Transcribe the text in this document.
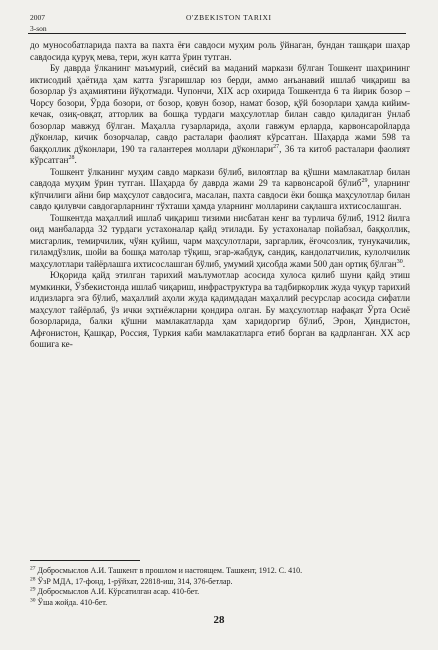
2007	O'ZBEKISTON TARIXI
3-son

до мунособатларида пахта ва пахта ёғи савдоси муҳим роль ўйнаган, бундан ташқари шаҳар савдосида қуруқ мева, тери, жун катта ўрин тутган.

Бу даврда ўлканинг маъмурий, сиёсий ва маданий маркази бўлган Тошкент шаҳрининг иктисодий ҳаётида ҳам катта ўзгаришлар юз берди, аммо анъанавий ишлаб чиқариш ва бозорлар ўз аҳамиятини йўқотмади. Чупончи, XIX аср охирида Тошкентда 6 та йирик бозор – Чорсу бозори, Ўрда бозори, от бозор, қовун бозор, намат бозор, қўй бозорлари ҳамда кийим-кечак, озиқ-овқат, атторлик ва бошқа турдаги маҳсулотлар билан савдо қиладиган ўнлаб бозорлар мавжуд бўлган. Маҳалла гузарларида, аҳоли гавжум ерларда, карвонсаройларда дўконлар, кичик бозорчалар, савдо расталари фаолият кўрсатган. Шаҳарда жами 598 та баққоллик дўконлари, 190 та галантерея моллари дўконлари$^{27}$, 36 та китоб расталари фаолият кўрсатган$^{28}$.

Тошкент ўлканинг муҳим савдо маркази бўлиб, вилоятлар ва қўшни мамлакатлар билан савдода муҳим ўрин тутган. Шаҳарда бу даврда жами 29 та карвонсарой бўлиб$^{29}$, уларнинг кўпчилиги айни бир маҳсулот савдосига, масалан, пахта савдоси ёки бошқа маҳсулотлар билан савдо қилувчи савдогарларнинг тўхташи ҳамда уларнинг молларини сақлашга ихтисослашган.

Тошкентда маҳаллий ишлаб чиқариш тизими нисбатан кенг ва турлича бўлиб, 1912 йилга оид манбаларда 32 турдаги устахоналар қайд этилади. Бу устахоналар пойабзал, баққоллик, мисгарлик, темирчилик, чўян қуйиш, чарм маҳсулотлари, заргарлик, ёғочсозлик, тунукачилик, гиламдўзлик, шойи ва бошқа матолар тўқиш, эгар-жабдуқ, сандиқ, кандолатчилик, кулолчилик маҳсулотлари тайёрлашга ихтисослашган бўлиб, умумий ҳисобда жами 500 дан ортиқ бўлган$^{30}$.

Юқорида қайд этилган тарихий маълумотлар асосида хулоса қилиб шуни қайд этиш мумкинки, Ўзбекистонда ишлаб чиқариш, инфраструктура ва тадбиркорлик жуда чуқур тарихий илдизларга эга бўлиб, маҳаллий аҳоли жуда қадимдадан маҳаллий ресурслар асосида сифатли маҳсулот тайёрлаб, ўз ички эҳтиёжларни қондира олган. Бу маҳсулотлар нафақат Ўрта Осиё бозорларида, балки қўшни мамлакатларда ҳам харидоргир бўлиб, Эрон, Ҳиндистон, Афғонистон, Қашқар, Россия, Туркия каби мамлакатларга етиб борган ва қадрланган. XX аср бошига ке-

$^{27}$ Добросмыслов А.И. Ташкент в прошлом и настоящем. Ташкент, 1912. С. 410.
$^{28}$ ЎзР МДА, 17-фонд, 1-рўйхат, 22818-иш, 314, 376-бетлар.
$^{29}$ Добросмыслов А.И. Кўрсатилган асар. 410-бет.
$^{30}$ Ўша жойда. 410-бет.
28
